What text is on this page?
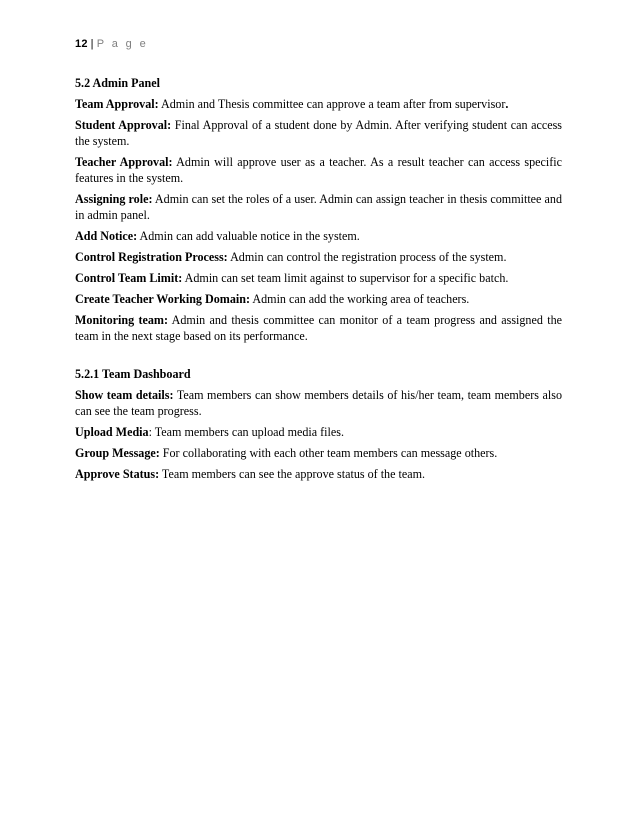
12 | P a g e
5.2 Admin Panel

Team Approval: Admin and Thesis committee can approve a team after from supervisor.

Student Approval: Final Approval of a student done by Admin. After verifying student can access the system.

Teacher Approval: Admin will approve user as a teacher. As a result teacher can access specific features in the system.

Assigning role: Admin can set the roles of a user. Admin can assign teacher in thesis committee and in admin panel.

Add Notice: Admin can add valuable notice in the system.

Control Registration Process: Admin can control the registration process of the system.

Control Team Limit: Admin can set team limit against to supervisor for a specific batch.

Create Teacher Working Domain: Admin can add the working area of teachers.

Monitoring team: Admin and thesis committee can monitor of a team progress and assigned the team in the next stage based on its performance.

5.2.1 Team Dashboard

Show team details: Team members can show members details of his/her team, team members also can see the team progress.

Upload Media: Team members can upload media files.

Group Message: For collaborating with each other team members can message others.

Approve Status: Team members can see the approve status of the team.
